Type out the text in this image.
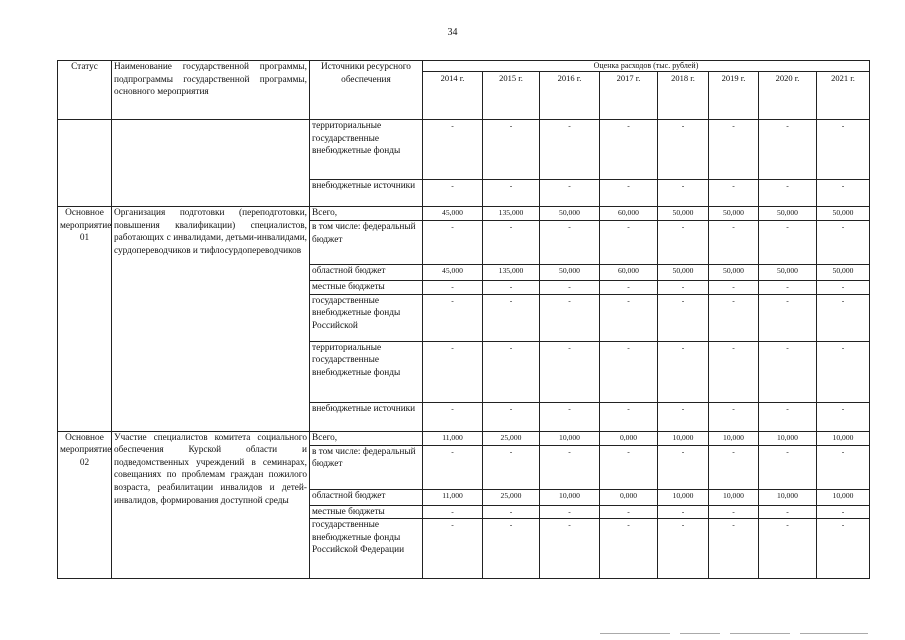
34
Статус	Наименование государственной программы, подпрограммы государственной программы, основного мероприятия	Источники ресурсного обеспечения	Оценка расходов (тыс. рублей)							
			2014 г.	2015 г.	2016 г.	2017 г.	2018 г.	2019 г.	2020 г.	2021 г.
		территориальные государственные внебюджетные фонды	-	-	-	-	-	-	-	-
		внебюджетные источники	-	-	-	-	-	-	-	-
Основное мероприятие 01	Организация подготовки (переподготовки, повышения квалификации) специалистов, работающих с инвалидами, детьми-инвалидами, сурдопереводчиков и тифлосурдопереводчиков	Всего,	45,000	135,000	50,000	60,000	50,000	50,000	50,000	50,000
		в том числе: федеральный бюджет	-	-	-	-	-	-	-	-
		областной бюджет	45,000	135,000	50,000	60,000	50,000	50,000	50,000	50,000
		местные бюджеты	-	-	-	-	-	-	-	-
		государственные внебюджетные фонды Российской	-	-	-	-	-	-	-	-
		территориальные государственные внебюджетные фонды	-	-	-	-	-	-	-	-
		внебюджетные источники	-	-	-	-	-	-	-	-
Основное мероприятие 02	Участие специалистов комитета социального обеспечения Курской области и подведомственных учреждений в семинарах, совещаниях по проблемам граждан пожилого возраста, реабилитации инвалидов и детей-инвалидов, формирования доступной среды	Всего,	11,000	25,000	10,000	0,000	10,000	10,000	10,000	10,000
		в том числе: федеральный бюджет	-	-	-	-	-	-	-	-
		областной бюджет	11,000	25,000	10,000	0,000	10,000	10,000	10,000	10,000
		местные бюджеты	-	-	-	-	-	-	-	-
		государственные внебюджетные фонды Российской Федерации	-	-	-	-	-	-	-	-
